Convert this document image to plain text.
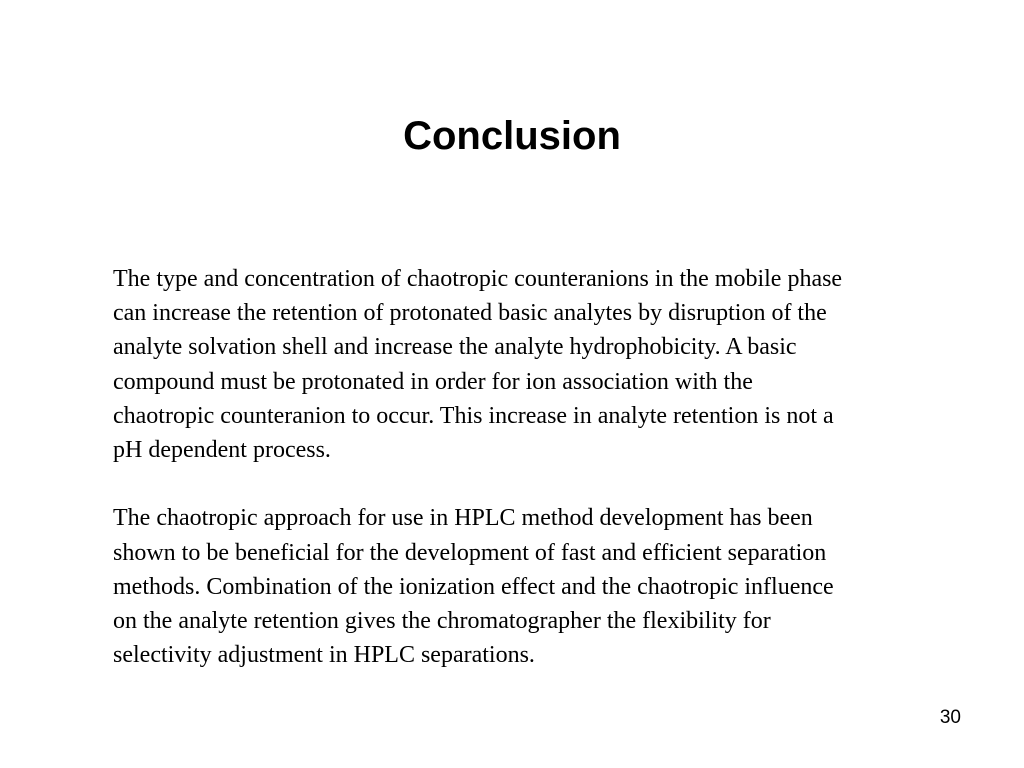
Conclusion

The type and concentration of chaotropic counteranions in the mobile phase
can increase the retention of protonated basic analytes by disruption of the
analyte solvation shell and increase the analyte hydrophobicity. A basic
compound must be protonated in order for ion association with the
chaotropic counteranion to occur. This increase in analyte retention is not a
pH dependent process.

The chaotropic approach for use in HPLC method development has been
shown to be beneficial for the development of fast and efficient separation
methods. Combination of the ionization effect and the chaotropic influence
on the analyte retention gives the chromatographer the flexibility for
selectivity adjustment in HPLC separations.

30
